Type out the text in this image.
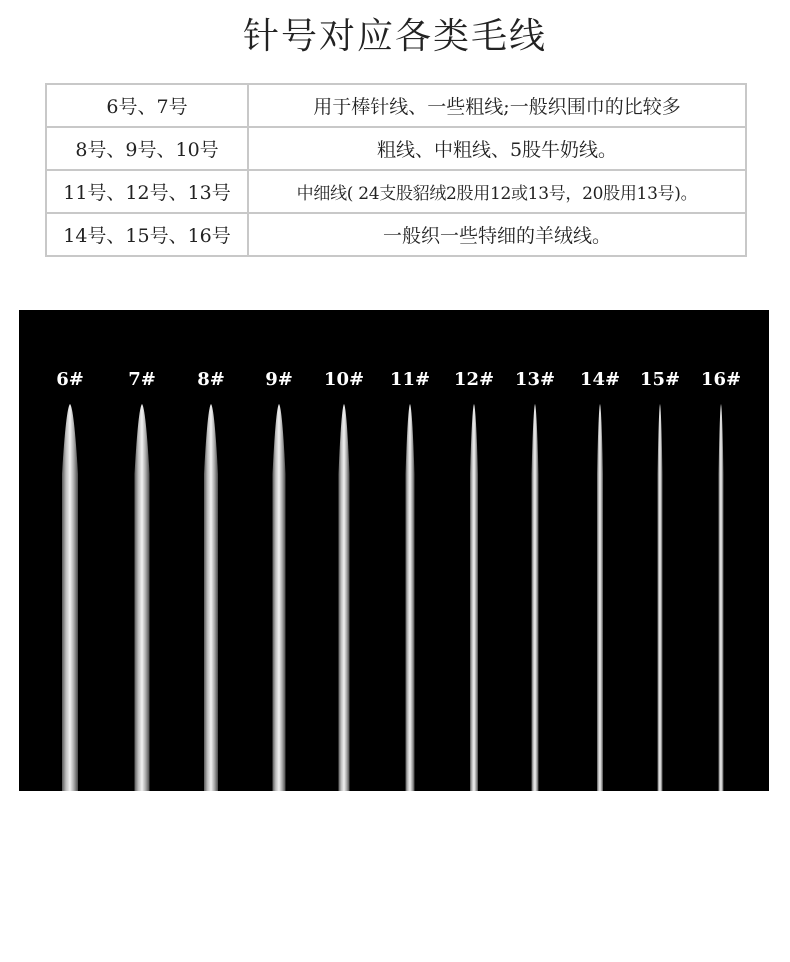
针号对应各类毛线
6号、7号	用于棒针线、一些粗线;一般织围巾的比较多
8号、9号、10号	粗线、中粗线、5股牛奶线。
11号、12号、13号	中细线( 24支股貂绒2股用12或13号，20股用13号)。
14号、15号、16号	一般织一些特细的羊绒线。
6# 7# 8# 9# 10# 11# 12# 13# 14# 15# 16#
